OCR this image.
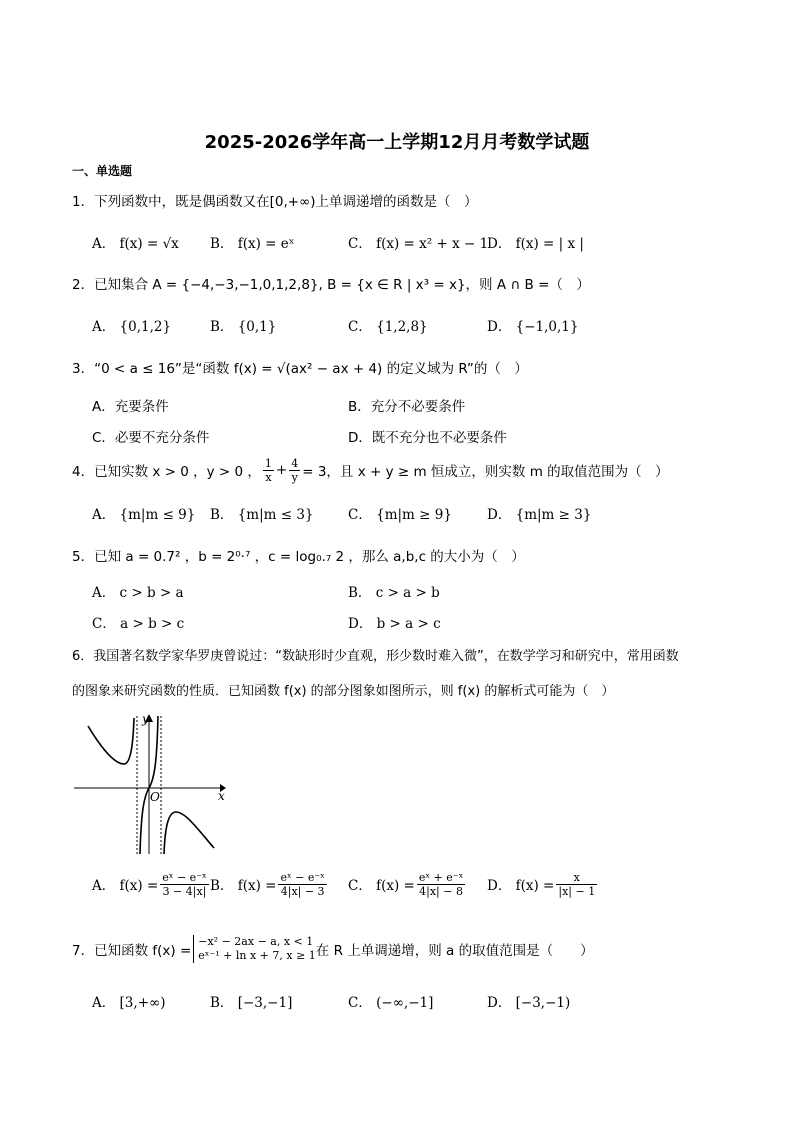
2025-2026学年高一上学期12月月考数学试题
一、单选题
1．下列函数中，既是偶函数又在[0,+∞)上单调递增的函数是（　）
A． f(x) = √x B． f(x) = eˣ	C． f(x) = x² + x − 1
D． f(x) = | x |
2．已知集合 A = {−4,−3,−1,0,1,2,8}, B = {x ∈ R | x³ = x}，则 A ∩ B =（　）
A． {0,1,2}	B． {0,1}	C． {1,2,8}	D． {−1,0,1}
3．“0 < a ≤ 16”是“函数 f(x) = √(ax² − ax + 4) 的定义域为 R”的（　）
A．充要条件	B．充分不必要条件
C．必要不充分条件	D．既不充分也不必要条件
4．已知实数 x > 0 ，y > 0 ， $\frac{1}{x} + \frac{4}{y} = 3$，且 x + y ≥ m 恒成立，则实数 m 的取值范围为（　）
A． {m|m ≤ 9} B． {m|m ≤ 3}	C． {m|m ≥ 9}	D． {m|m ≥ 3}
5．已知 a = 0.7² ，b = 2⁰·⁷ ，c = log₀.₇ 2 ，那么 a,b,c 的大小为（　）
A． c > b > a	B． c > a > b
C． a > b > c	D． b > a > c
6．我国著名数学家华罗庚曾说过：“数缺形时少直观，形少数时难入微”，在数学学习和研究中，常用函数
的图象来研究函数的性质．已知函数 f(x) 的部分图象如图所示，则 f(x) 的解析式可能为（　）
x
y
O
A． $f(x) = \frac{\text{eˣ − e⁻ˣ}}{3 - 4|x|}$ B． $f(x) = \frac{\text{eˣ − e⁻ˣ}}{4|x| - 3}$ C． $f(x) = \frac{\text{eˣ + e⁻ˣ}}{4|x| - 8}$ D． $f(x) = \frac{x}{|x| - 1}$
7．已知函数 f(x) =
−x² − 2ax − a, x < 1
eˣ⁻¹ + ln x + 7, x ≥ 1 在 R 上单调递增，则 a 的取值范围是（　　）
A． [3,+∞)	B． [−3,−1]	C． (−∞,−1]	D． [−3,−1)
